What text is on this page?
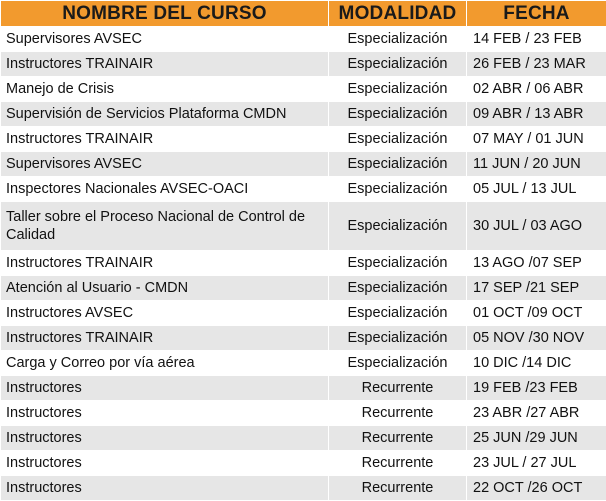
NOMBRE DEL CURSO	MODALIDAD	FECHA
Supervisores AVSEC	Especialización	14 FEB / 23 FEB
Instructores TRAINAIR	Especialización	26 FEB / 23 MAR
Manejo de Crisis	Especialización	02 ABR / 06 ABR
Supervisión de Servicios Plataforma CMDN	Especialización	09 ABR / 13 ABR
Instructores TRAINAIR	Especialización	07 MAY / 01 JUN
Supervisores AVSEC	Especialización	11 JUN / 20 JUN
Inspectores Nacionales AVSEC-OACI	Especialización	05 JUL / 13 JUL
Taller sobre el Proceso Nacional de Control de Calidad	Especialización	30 JUL / 03 AGO
Instructores TRAINAIR	Especialización	13 AGO /07 SEP
Atención al Usuario - CMDN	Especialización	17 SEP /21 SEP
Instructores AVSEC	Especialización	01 OCT /09 OCT
Instructores TRAINAIR	Especialización	05 NOV /30 NOV
Carga y Correo por vía aérea	Especialización	10 DIC /14 DIC
Instructores	Recurrente	19 FEB /23 FEB
Instructores	Recurrente	23 ABR /27 ABR
Instructores	Recurrente	25 JUN /29 JUN
Instructores	Recurrente	23 JUL / 27 JUL
Instructores	Recurrente	22 OCT /26 OCT
